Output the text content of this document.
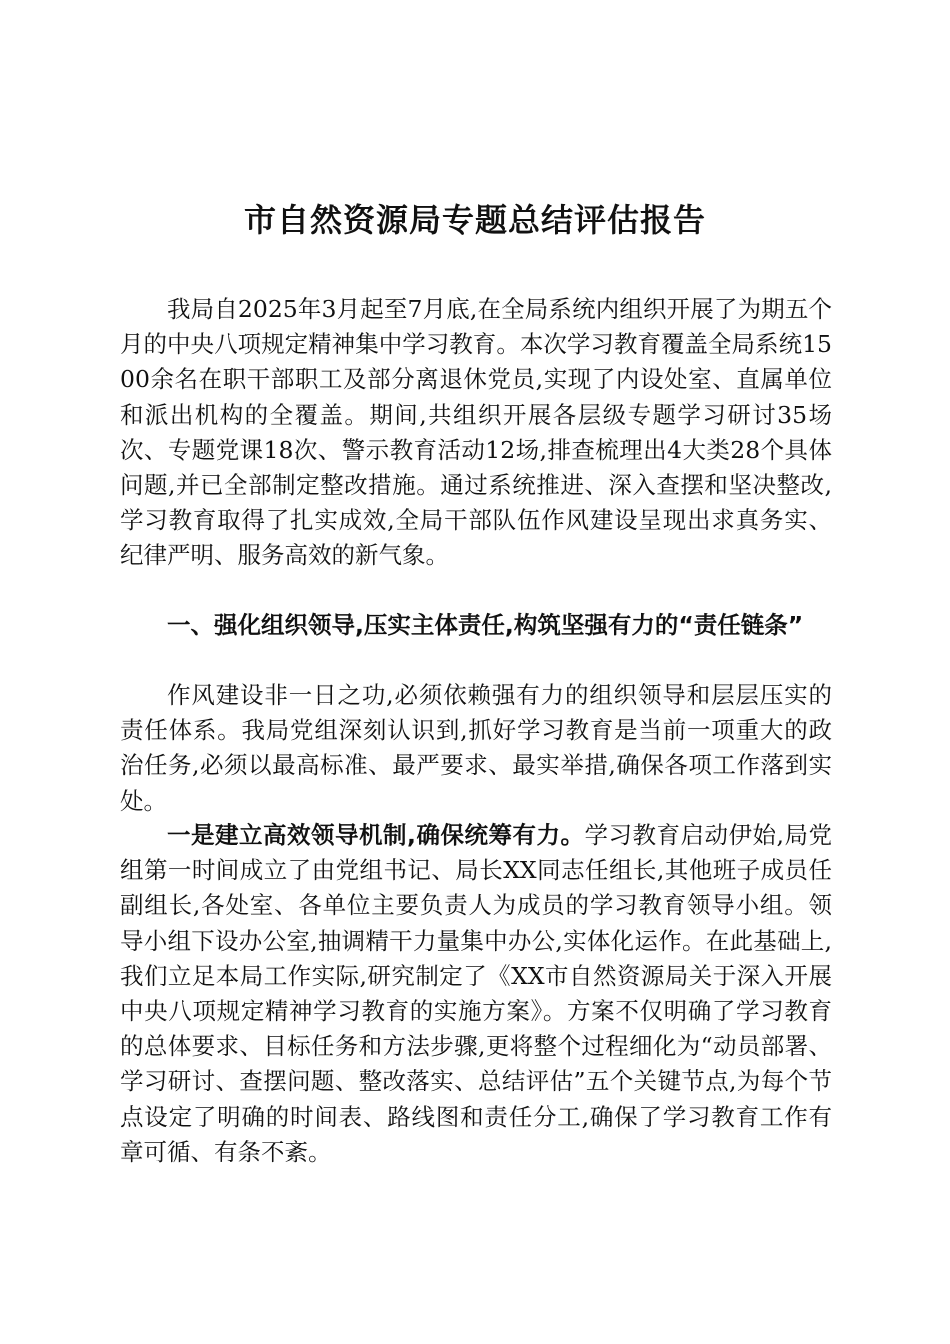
市自然资源局专题总结评估报告

我局自2025年3月起至7月底,在全局系统内组织开展了为期五个月的中央八项规定精神集中学习教育。本次学习教育覆盖全局系统1500余名在职干部职工及部分离退休党员,实现了内设处室、直属单位和派出机构的全覆盖。期间,共组织开展各层级专题学习研讨35场次、专题党课18次、警示教育活动12场,排查梳理出4大类28个具体问题,并已全部制定整改措施。通过系统推进、深入查摆和坚决整改,学习教育取得了扎实成效,全局干部队伍作风建设呈现出求真务实、纪律严明、服务高效的新气象。

一、强化组织领导,压实主体责任,构筑坚强有力的“责任链条”

作风建设非一日之功,必须依赖强有力的组织领导和层层压实的责任体系。我局党组深刻认识到,抓好学习教育是当前一项重大的政治任务,必须以最高标准、最严要求、最实举措,确保各项工作落到实处。

一是建立高效领导机制,确保统筹有力。学习教育启动伊始,局党组第一时间成立了由党组书记、局长XX同志任组长,其他班子成员任副组长,各处室、各单位主要负责人为成员的学习教育领导小组。领导小组下设办公室,抽调精干力量集中办公,实体化运作。在此基础上,我们立足本局工作实际,研究制定了《XX市自然资源局关于深入开展中央八项规定精神学习教育的实施方案》。方案不仅明确了学习教育的总体要求、目标任务和方法步骤,更将整个过程细化为“动员部署、学习研讨、查摆问题、整改落实、总结评估”五个关键节点,为每个节点设定了明确的时间表、路线图和责任分工,确保了学习教育工作有章可循、有条不紊。
